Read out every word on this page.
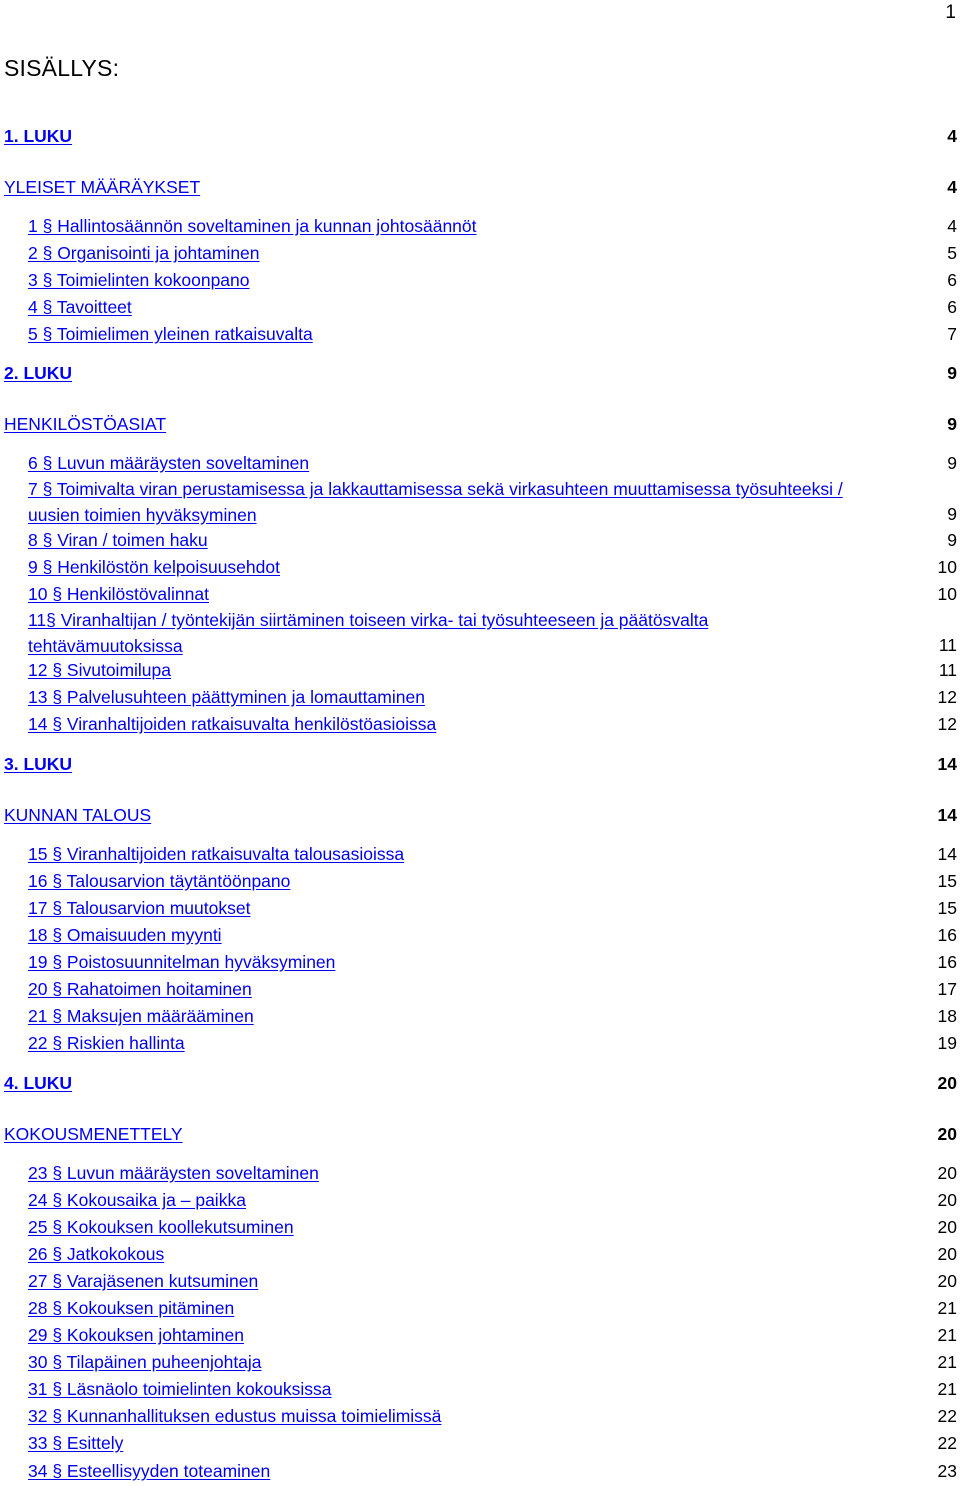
1
SISÄLLYS:
1. LUKU	4
YLEISET MÄÄRÄYKSET	4
1 § Hallintosäännön soveltaminen ja kunnan johtosäännöt	4
2 § Organisointi ja johtaminen	5
3 § Toimielinten kokoonpano	6
4 § Tavoitteet	6
5 § Toimielimen yleinen ratkaisuvalta	7
2. LUKU	9
HENKILÖSTÖASIAT	9
6 § Luvun määräysten soveltaminen	9
7 § Toimivalta viran perustamisessa ja lakkauttamisessa sekä virkasuhteen muuttamisessa työsuhteeksi /
uusien toimien hyväksyminen	9
8 § Viran / toimen haku	9
9 § Henkilöstön kelpoisuusehdot	10
10 § Henkilöstövalinnat	10
11§ Viranhaltijan / työntekijän siirtäminen toiseen virka- tai työsuhteeseen ja päätösvalta
tehtävämuutoksissa	11
12 § Sivutoimilupa	11
13 § Palvelusuhteen päättyminen ja lomauttaminen	12
14 § Viranhaltijoiden ratkaisuvalta henkilöstöasioissa	12
3. LUKU	14
KUNNAN TALOUS	14
15 § Viranhaltijoiden ratkaisuvalta talousasioissa	14
16 § Talousarvion täytäntöönpano	15
17 § Talousarvion muutokset	15
18 § Omaisuuden myynti	16
19 § Poistosuunnitelman hyväksyminen	16
20 § Rahatoimen hoitaminen	17
21 § Maksujen määrääminen	18
22 § Riskien hallinta	19
4. LUKU	20
KOKOUSMENETTELY	20
23 § Luvun määräysten soveltaminen	20
24 § Kokousaika ja – paikka	20
25 § Kokouksen koollekutsuminen	20
26 § Jatkokokous	20
27 § Varajäsenen kutsuminen	20
28 § Kokouksen pitäminen	21
29 § Kokouksen johtaminen	21
30 § Tilapäinen puheenjohtaja	21
31 § Läsnäolo toimielinten kokouksissa	21
32 § Kunnanhallituksen edustus muissa toimielimissä	22
33 § Esittely	22
34 § Esteellisyyden toteaminen	23
